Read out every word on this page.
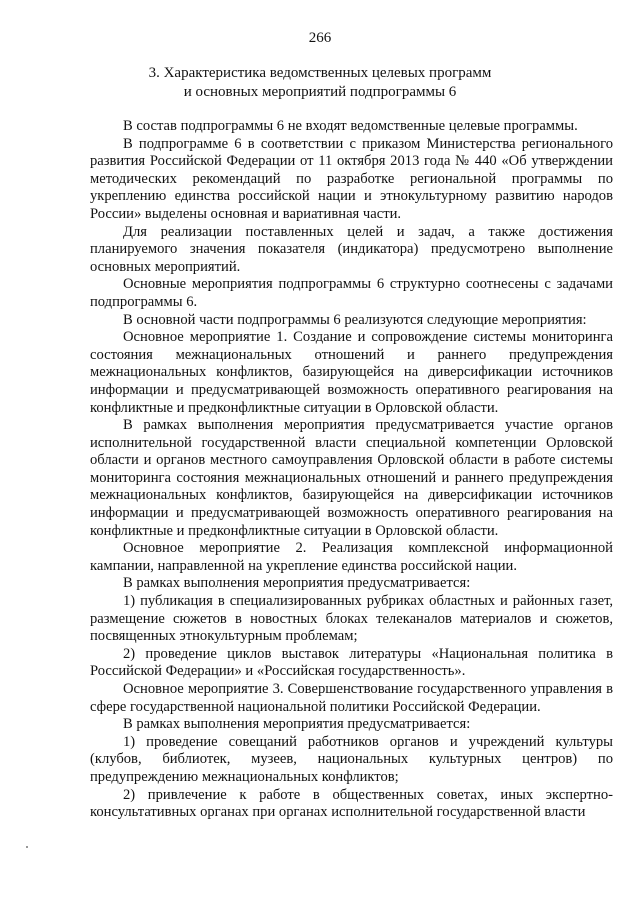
266
3. Характеристика ведомственных целевых программ
и основных мероприятий подпрограммы 6

В состав подпрограммы 6 не входят ведомственные целевые программы.

В подпрограмме 6 в соответствии с приказом Министерства регионального развития Российской Федерации от 11 октября 2013 года № 440 «Об утверждении методических рекомендаций по разработке региональной программы по укреплению единства российской нации и этнокультурному развитию народов России» выделены основная и вариативная части.

Для реализации поставленных целей и задач, а также достижения планируемого значения показателя (индикатора) предусмотрено выполнение основных мероприятий.

Основные мероприятия подпрограммы 6 структурно соотнесены с задачами подпрограммы 6.

В основной части подпрограммы 6 реализуются следующие мероприятия:

Основное мероприятие 1. Создание и сопровождение системы мониторинга состояния межнациональных отношений и раннего предупреждения межнациональных конфликтов, базирующейся на диверсификации источников информации и предусматривающей возможность оперативного реагирования на конфликтные и предконфликтные ситуации в Орловской области.

В рамках выполнения мероприятия предусматривается участие органов исполнительной государственной власти специальной компетенции Орловской области и органов местного самоуправления Орловской области в работе системы мониторинга состояния межнациональных отношений и раннего предупреждения межнациональных конфликтов, базирующейся на диверсификации источников информации и предусматривающей возможность оперативного реагирования на конфликтные и предконфликтные ситуации в Орловской области.

Основное мероприятие 2. Реализация комплексной информационной кампании, направленной на укрепление единства российской нации.

В рамках выполнения мероприятия предусматривается:

1) публикация в специализированных рубриках областных и районных газет, размещение сюжетов в новостных блоках телеканалов материалов и сюжетов, посвященных этнокультурным проблемам;

2) проведение циклов выставок литературы «Национальная политика в Российской Федерации» и «Российская государственность».

Основное мероприятие 3. Совершенствование государственного управления в сфере государственной национальной политики Российской Федерации.

В рамках выполнения мероприятия предусматривается:

1) проведение совещаний работников органов и учреждений культуры (клубов, библиотек, музеев, национальных культурных центров) по предупреждению межнациональных конфликтов;

2) привлечение к работе в общественных советах, иных экспертно-консультативных органах при органах исполнительной государственной власти
